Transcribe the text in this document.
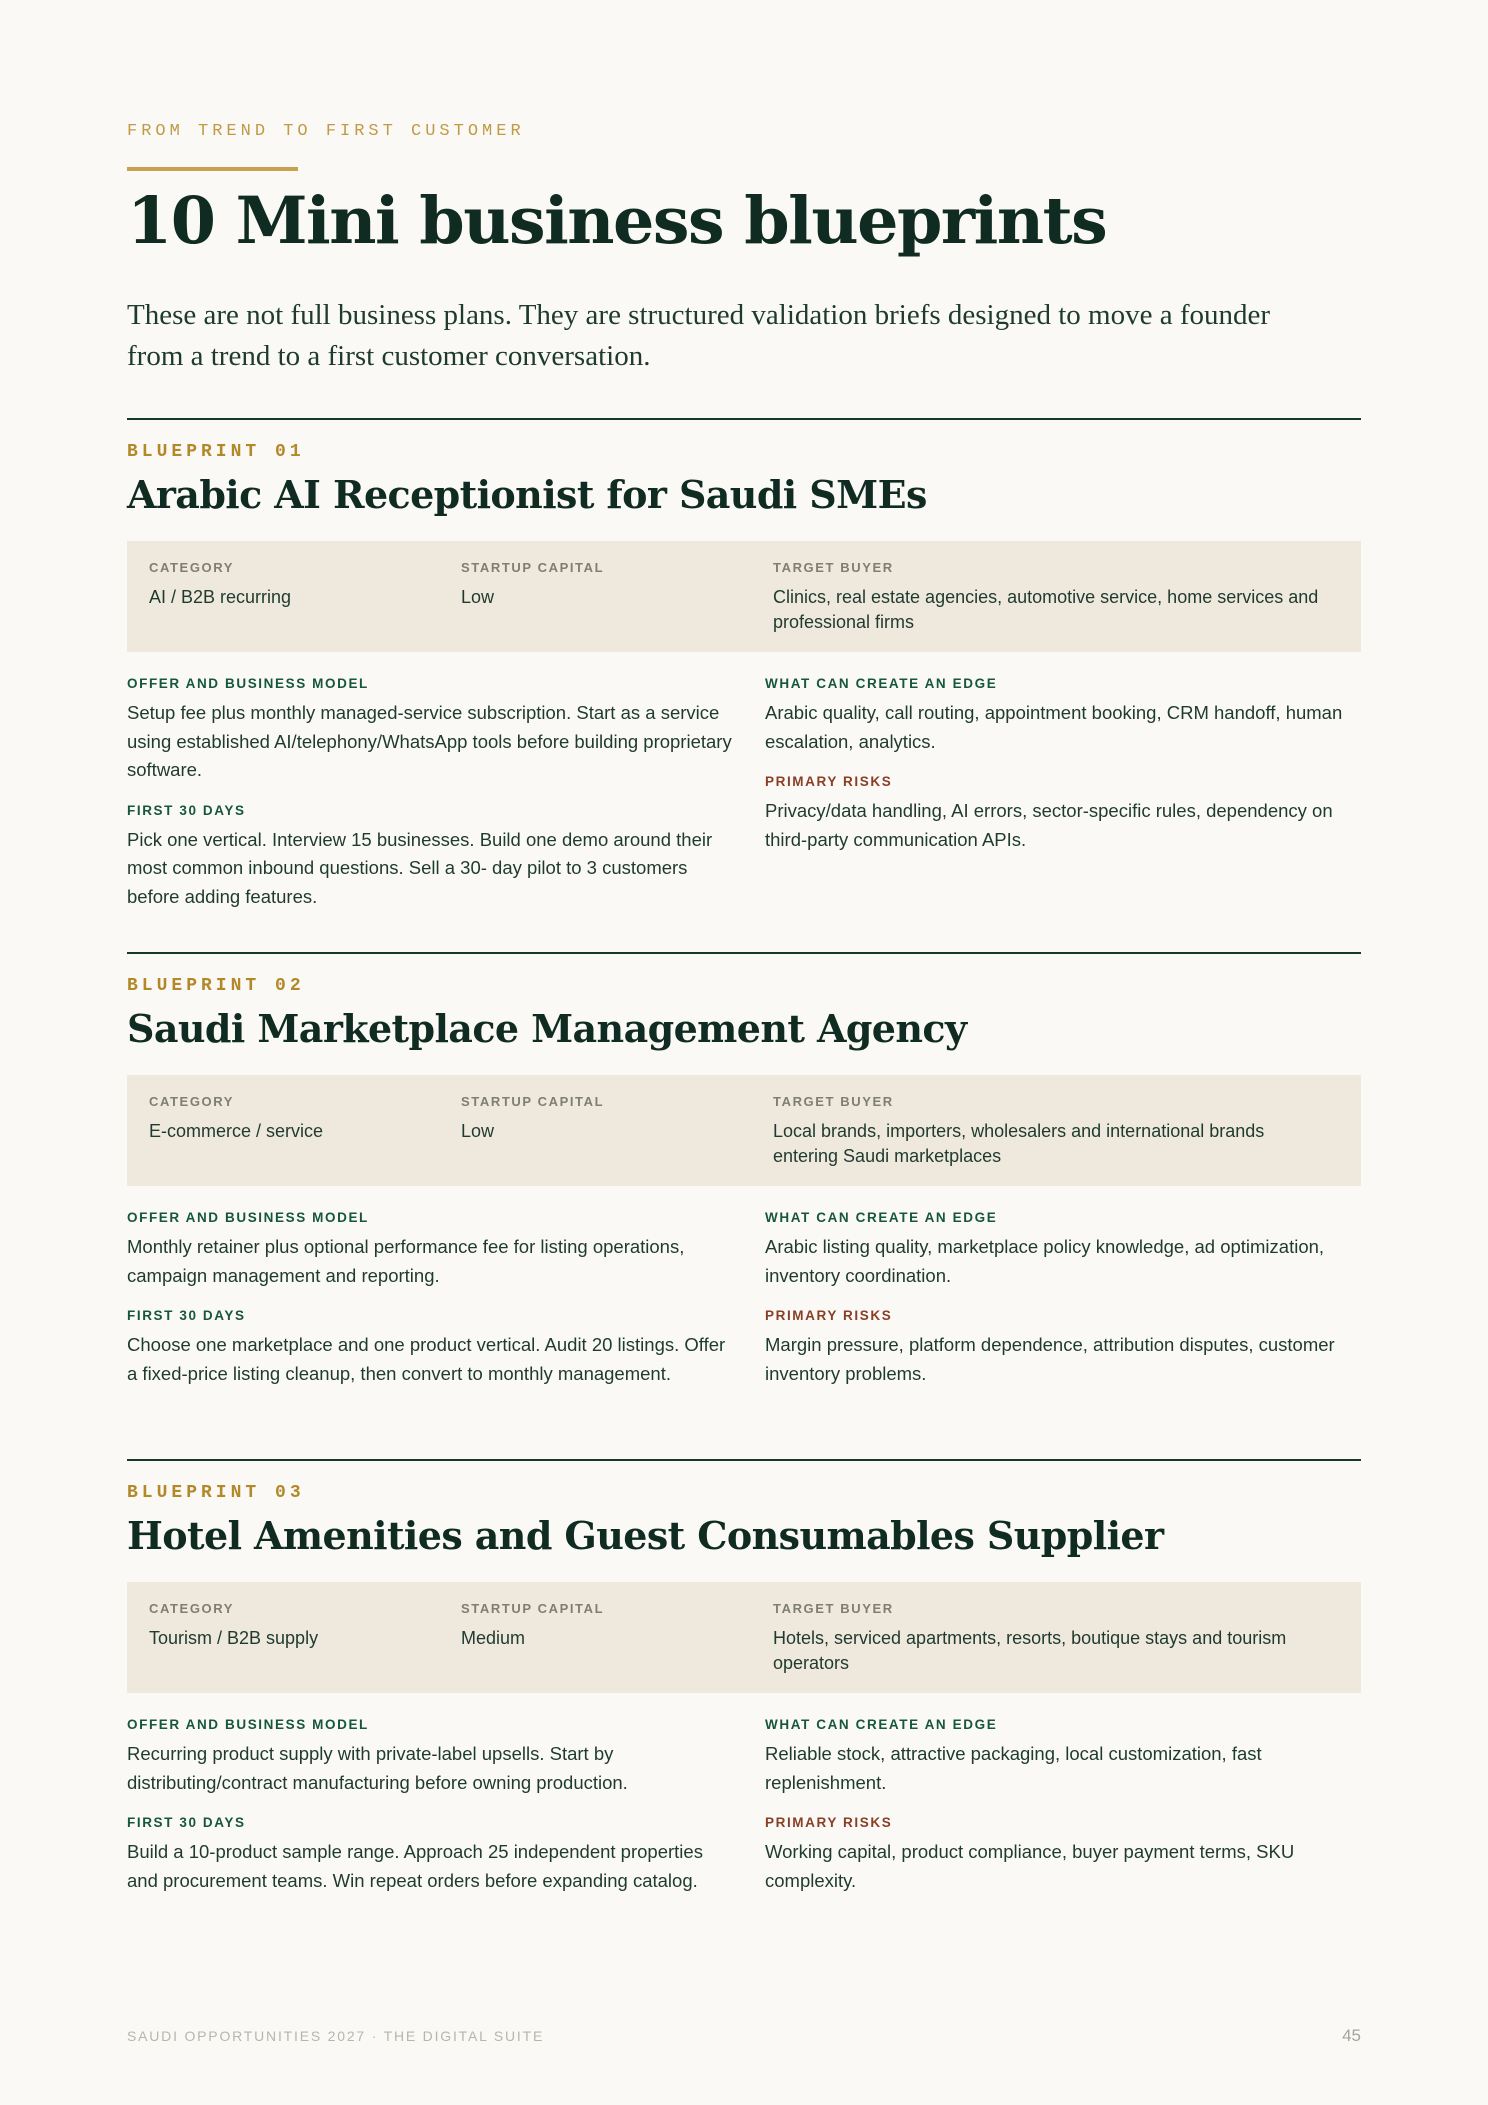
FROM TREND TO FIRST CUSTOMER
10 Mini business blueprints

These are not full business plans. They are structured validation briefs designed to move a founder from a trend to a first customer conversation.

BLUEPRINT 01
Arabic AI Receptionist for Saudi SMEs
CATEGORY
AI / B2B recurring
STARTUP CAPITAL
Low
TARGET BUYER
Clinics, real estate agencies, automotive service, home services and professional firms
OFFER AND BUSINESS MODEL

Setup fee plus monthly managed-service subscription. Start as a service using established AI/telephony/WhatsApp tools before building proprietary software.

FIRST 30 DAYS

Pick one vertical. Interview 15 businesses. Build one demo around their most common inbound questions. Sell a 30- day pilot to 3 customers before adding features.

WHAT CAN CREATE AN EDGE

Arabic quality, call routing, appointment booking, CRM handoff, human escalation, analytics.

PRIMARY RISKS

Privacy/data handling, AI errors, sector-specific rules, dependency on third-party communication APIs.

BLUEPRINT 02
Saudi Marketplace Management Agency
CATEGORY
E-commerce / service
STARTUP CAPITAL
Low
TARGET BUYER
Local brands, importers, wholesalers and international brands entering Saudi marketplaces
OFFER AND BUSINESS MODEL

Monthly retainer plus optional performance fee for listing operations, campaign management and reporting.

FIRST 30 DAYS

Choose one marketplace and one product vertical. Audit 20 listings. Offer a fixed-price listing cleanup, then convert to monthly management.

WHAT CAN CREATE AN EDGE

Arabic listing quality, marketplace policy knowledge, ad optimization, inventory coordination.

PRIMARY RISKS

Margin pressure, platform dependence, attribution disputes, customer inventory problems.

BLUEPRINT 03
Hotel Amenities and Guest Consumables Supplier
CATEGORY
Tourism / B2B supply
STARTUP CAPITAL
Medium
TARGET BUYER
Hotels, serviced apartments, resorts, boutique stays and tourism operators
OFFER AND BUSINESS MODEL

Recurring product supply with private-label upsells. Start by distributing/contract manufacturing before owning production.

FIRST 30 DAYS

Build a 10-product sample range. Approach 25 independent properties and procurement teams. Win repeat orders before expanding catalog.

WHAT CAN CREATE AN EDGE

Reliable stock, attractive packaging, local customization, fast replenishment.

PRIMARY RISKS

Working capital, product compliance, buyer payment terms, SKU complexity.

SAUDI OPPORTUNITIES 2027 · THE DIGITAL SUITE	45
